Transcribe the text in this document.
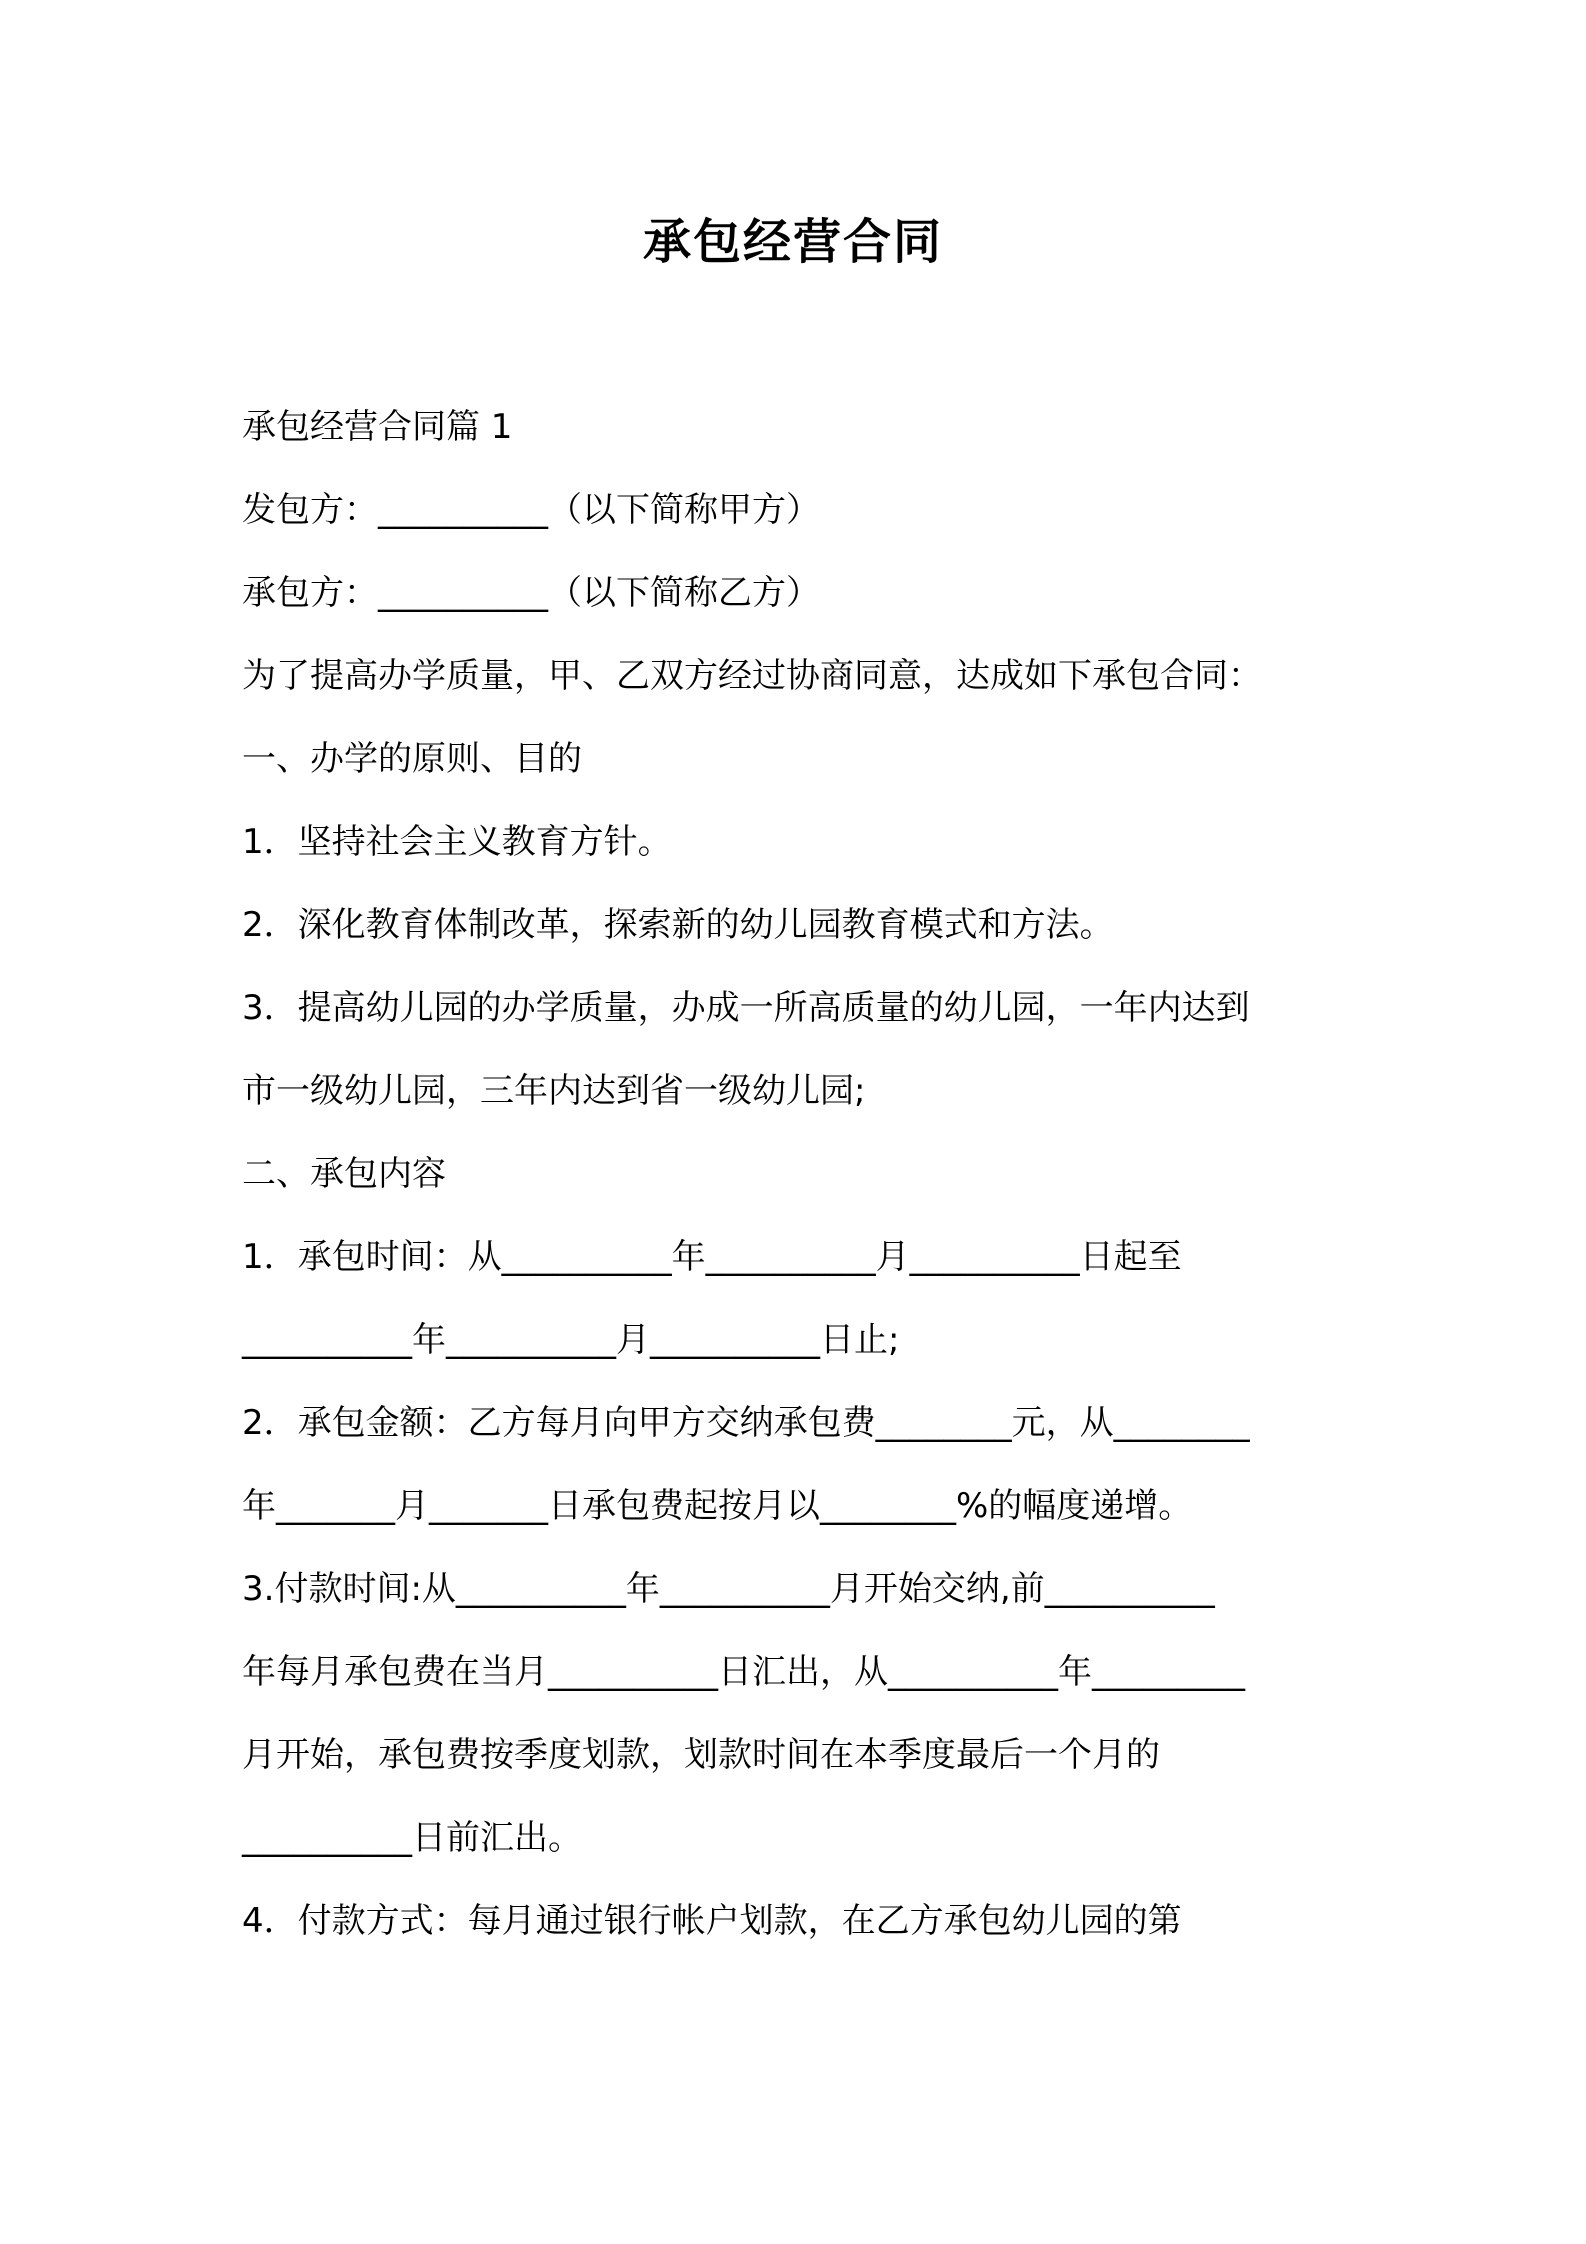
承包经营合同
承包经营合同篇 1
发包方：__________（以下简称甲方）
承包方：__________（以下简称乙方）
为了提高办学质量，甲、乙双方经过协商同意，达成如下承包合同：
一、办学的原则、目的
1．坚持社会主义教育方针。
2．深化教育体制改革，探索新的幼儿园教育模式和方法。
3．提高幼儿园的办学质量，办成一所高质量的幼儿园，一年内达到
市一级幼儿园，三年内达到省一级幼儿园;
二、承包内容
1．承包时间：从__________年__________月__________日起至
__________年__________月__________日止;
2．承包金额：乙方每月向甲方交纳承包费________元，从________
年_______月_______日承包费起按月以________%的幅度递增。
3.付款时间:从__________年__________月开始交纳,前__________
年每月承包费在当月__________日汇出，从__________年_________
月开始，承包费按季度划款，划款时间在本季度最后一个月的
__________日前汇出。
4．付款方式：每月通过银行帐户划款，在乙方承包幼儿园的第
